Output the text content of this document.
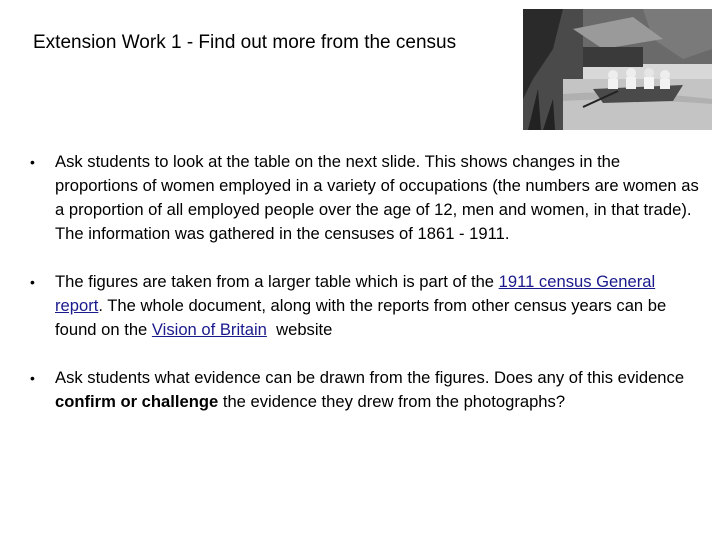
Extension Work 1 - Find out more from the census
• Ask students to look at the table on the next slide. This shows changes in the proportions of women employed in a variety of occupations (the numbers are women as a proportion of all employed people over the age of 12, men and women, in that trade). The information was gathered in the censuses of 1861 - 1911.
• The figures are taken from a larger table which is part of the 1911 census General report. The whole document, along with the reports from other census years can be found on the Vision of Britain  website
• Ask students what evidence can be drawn from the figures. Does any of this evidence confirm or challenge the evidence they drew from the photographs?
